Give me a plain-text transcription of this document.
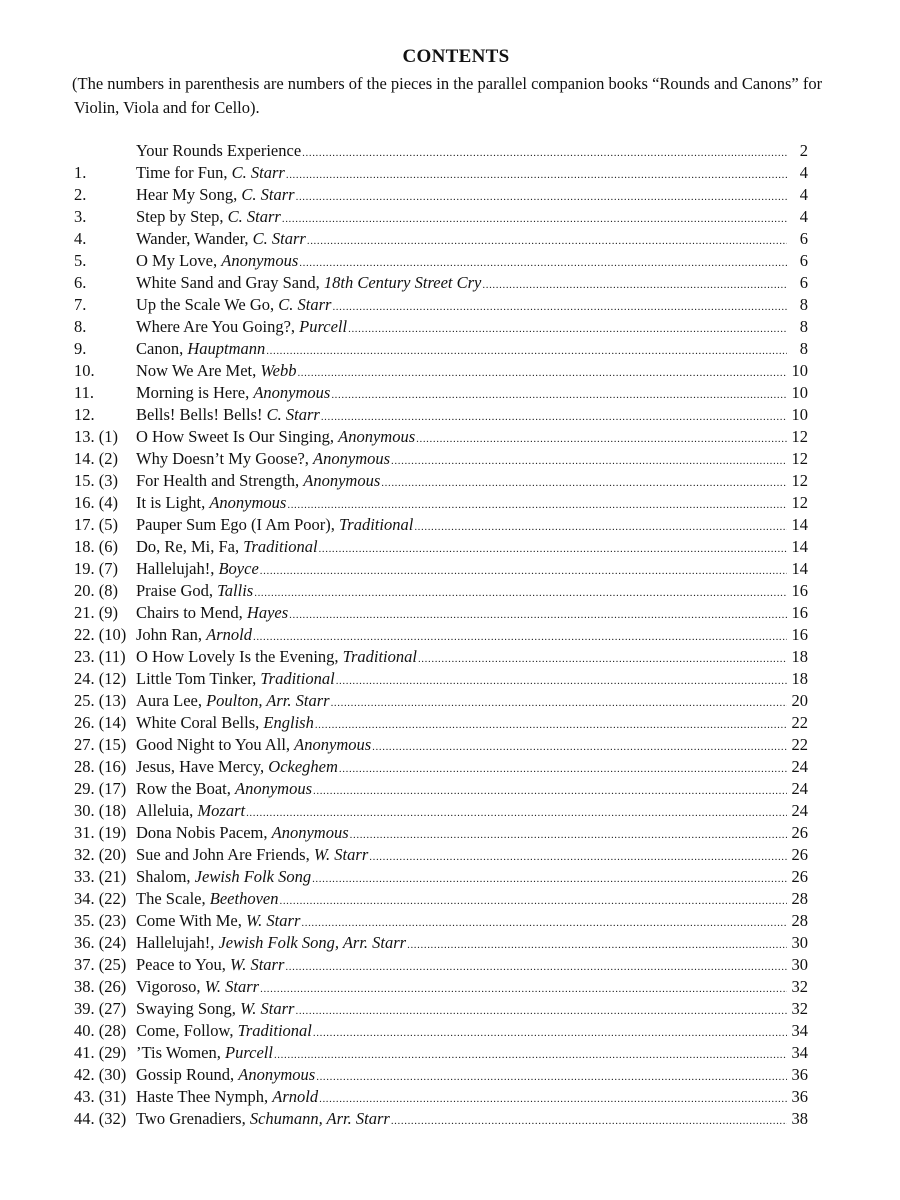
CONTENTS
(The numbers in parenthesis are numbers of the pieces in the parallel companion books “Rounds and Canons” for Violin, Viola and for Cello).
Your Rounds Experience .....	2
1.	Time for Fun, C. Starr .....	4
2.	Hear My Song, C. Starr .....	4
3.	Step by Step, C. Starr .....	4
4.	Wander, Wander, C. Starr .....	6
5.	O My Love, Anonymous .....	6
6.	White Sand and Gray Sand, 18th Century Street Cry .....	6
7.	Up the Scale We Go, C. Starr .....	8
8.	Where Are You Going?, Purcell .....	8
9.	Canon, Hauptmann .....	8
10.	Now We Are Met, Webb .....	10
11.	Morning is Here, Anonymous .....	10
12.	Bells! Bells! Bells! C. Starr .....	10
13. (1) O How Sweet Is Our Singing, Anonymous .....	12
14. (2) Why Doesn’t My Goose?, Anonymous .....	12
15. (3) For Health and Strength, Anonymous .....	12
16. (4) It is Light, Anonymous .....	12
17. (5) Pauper Sum Ego (I Am Poor), Traditional .....	14
18. (6) Do, Re, Mi, Fa, Traditional .....	14
19. (7) Hallelujah!, Boyce .....	14
20. (8) Praise God, Tallis .....	16
21. (9) Chairs to Mend, Hayes .....	16
22. (10) John Ran, Arnold .....	16
23. (11) O How Lovely Is the Evening, Traditional .....	18
24. (12) Little Tom Tinker, Traditional .....	18
25. (13) Aura Lee, Poulton, Arr. Starr .....	20
26. (14) White Coral Bells, English .....	22
27. (15) Good Night to You All, Anonymous .....	22
28. (16) Jesus, Have Mercy, Ockeghem .....	24
29. (17) Row the Boat, Anonymous .....	24
30. (18) Alleluia, Mozart .....	24
31. (19) Dona Nobis Pacem, Anonymous .....	26
32. (20) Sue and John Are Friends, W. Starr .....	26
33. (21) Shalom, Jewish Folk Song .....	26
34. (22) The Scale, Beethoven .....	28
35. (23) Come With Me, W. Starr .....	28
36. (24) Hallelujah!, Jewish Folk Song, Arr. Starr .....	30
37. (25) Peace to You, W. Starr .....	30
38. (26) Vigoroso, W. Starr .....	32
39. (27) Swaying Song, W. Starr .....	32
40. (28) Come, Follow, Traditional .....	34
41. (29) ’Tis Women, Purcell .....	34
42. (30) Gossip Round, Anonymous .....	36
43. (31) Haste Thee Nymph, Arnold .....	36
44. (32) Two Grenadiers, Schumann, Arr. Starr .....	38
